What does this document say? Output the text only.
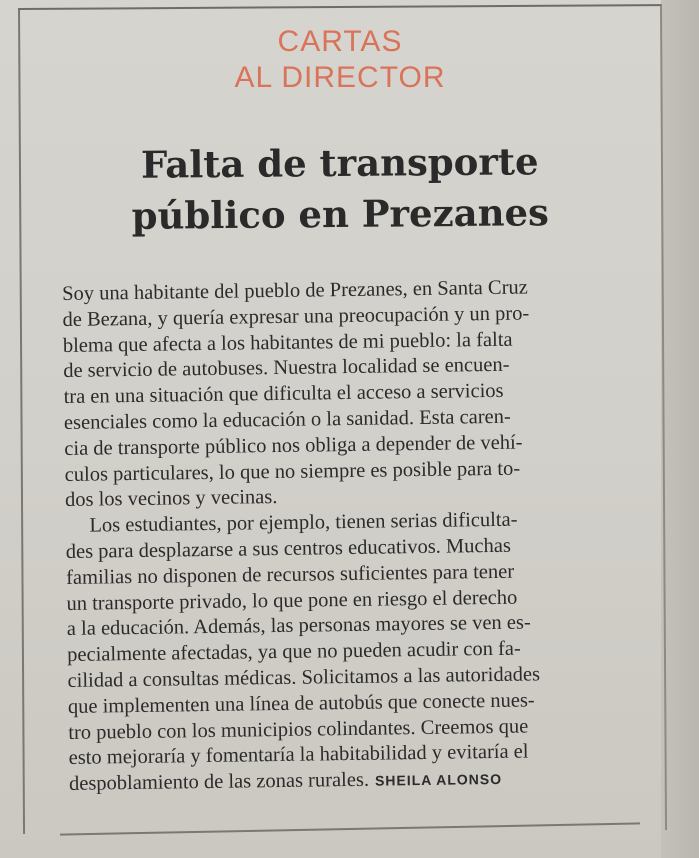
CARTAS
AL DIRECTOR
Falta de transporte
público en Prezanes
Soy una habitante del pueblo de Prezanes, en Santa Cruz
de Bezana, y quería expresar una preocupación y un pro-
blema que afecta a los habitantes de mi pueblo: la falta
de servicio de autobuses. Nuestra localidad se encuen-
tra en una situación que dificulta el acceso a servicios
esenciales como la educación o la sanidad. Esta caren-
cia de transporte público nos obliga a depender de vehí-
culos particulares, lo que no siempre es posible para to-
dos los vecinos y vecinas.
Los estudiantes, por ejemplo, tienen serias dificulta-
des para desplazarse a sus centros educativos. Muchas
familias no disponen de recursos suficientes para tener
un transporte privado, lo que pone en riesgo el derecho
a la educación. Además, las personas mayores se ven es-
pecialmente afectadas, ya que no pueden acudir con fa-
cilidad a consultas médicas. Solicitamos a las autoridades
que implementen una línea de autobús que conecte nues-
tro pueblo con los municipios colindantes. Creemos que
esto mejoraría y fomentaría la habitabilidad y evitaría el
despoblamiento de las zonas rurales. SHEILA ALONSO
